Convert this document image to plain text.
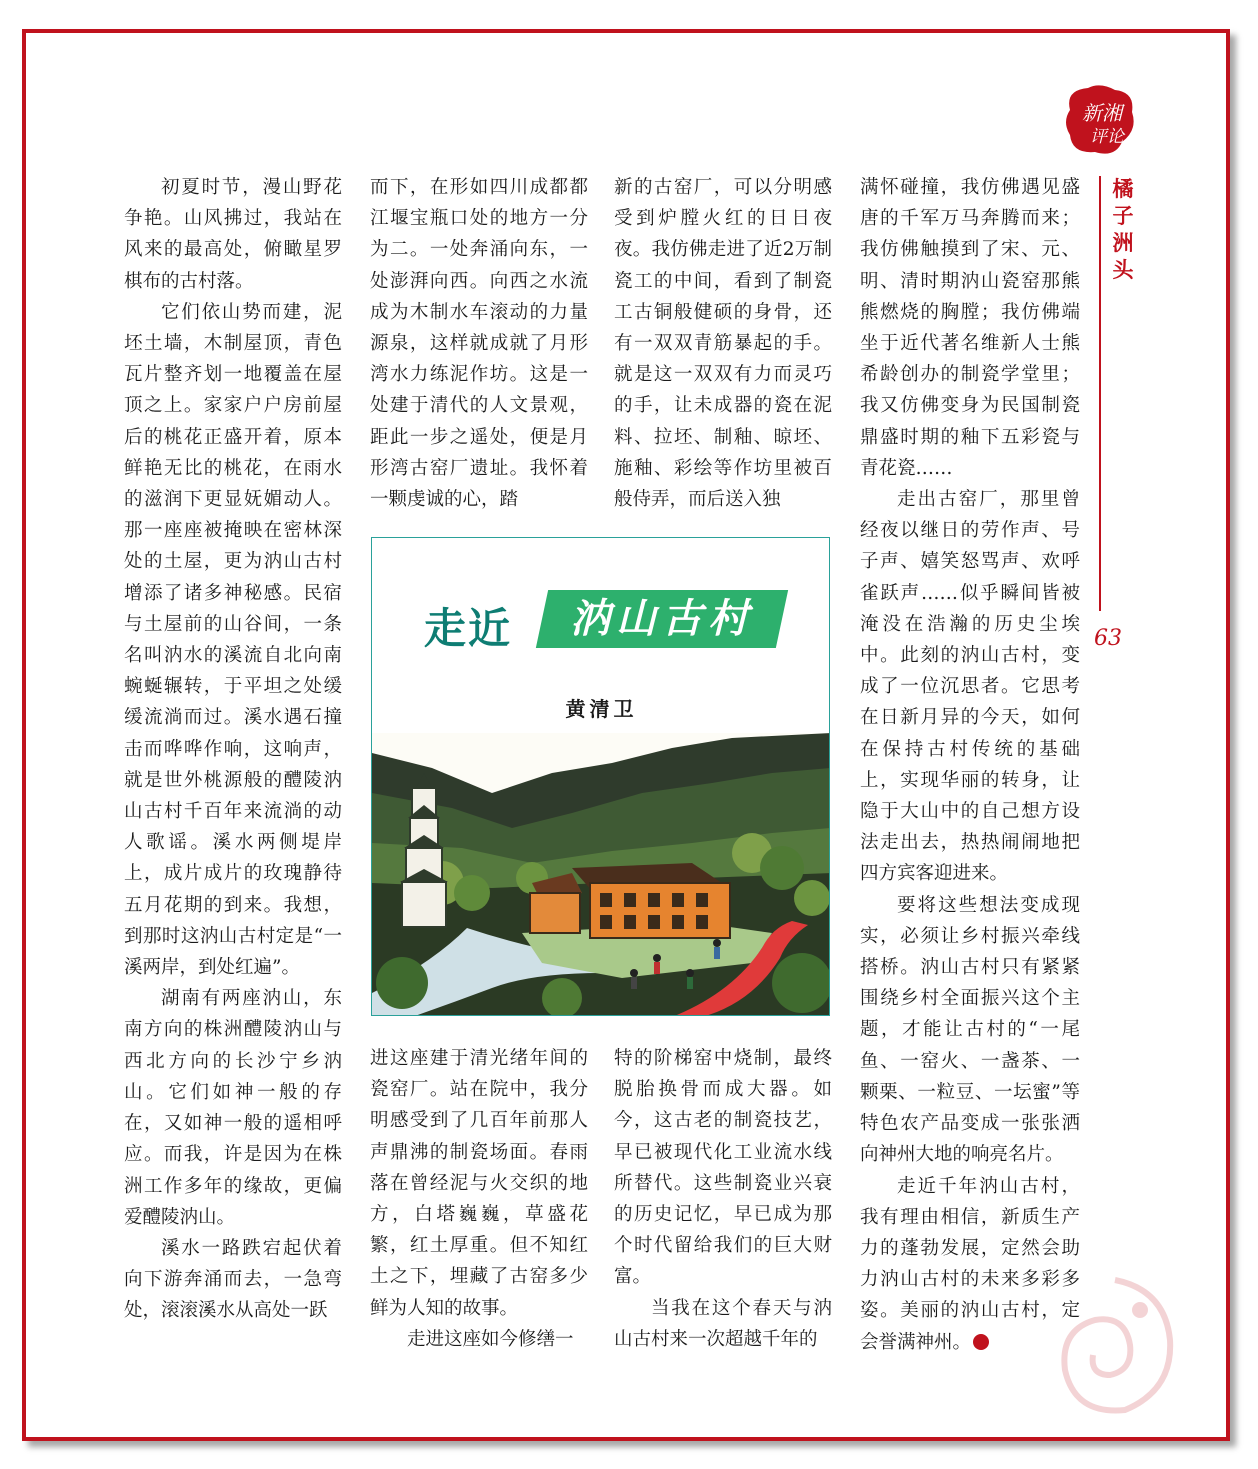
新湘
评论
橘子洲头
63

初夏时节，漫山野花争艳。山风拂过，我站在风来的最高处，俯瞰星罗棋布的古村落。

它们依山势而建，泥坯土墙，木制屋顶，青色瓦片整齐划一地覆盖在屋顶之上。家家户户房前屋后的桃花正盛开着，原本鲜艳无比的桃花，在雨水的滋润下更显妩媚动人。那一座座被掩映在密林深处的土屋，更为汭山古村增添了诸多神秘感。民宿与土屋前的山谷间，一条名叫汭水的溪流自北向南蜿蜒辗转，于平坦之处缓缓流淌而过。溪水遇石撞击而哗哗作响，这响声，就是世外桃源般的醴陵汭山古村千百年来流淌的动人歌谣。溪水两侧堤岸上，成片成片的玫瑰静待五月花期的到来。我想，到那时这汭山古村定是“一溪两岸，到处红遍”。

湖南有两座汭山，东南方向的株洲醴陵汭山与西北方向的长沙宁乡汭山。它们如神一般的存在，又如神一般的遥相呼应。而我，许是因为在株洲工作多年的缘故，更偏爱醴陵汭山。

溪水一路跌宕起伏着向下游奔涌而去，一急弯处，滚滚溪水从高处一跃

而下，在形如四川成都都江堰宝瓶口处的地方一分为二。一处奔涌向东，一处澎湃向西。向西之水流成为木制水车滚动的力量源泉，这样就成就了月形湾水力练泥作坊。这是一处建于清代的人文景观，距此一步之遥处，便是月形湾古窑厂遗址。我怀着一颗虔诚的心，踏

新的古窑厂，可以分明感受到炉膛火红的日日夜夜。我仿佛走进了近2万制瓷工的中间，看到了制瓷工古铜般健硕的身骨，还有一双双青筋暴起的手。就是这一双双有力而灵巧的手，让未成器的瓷在泥料、拉坯、制釉、晾坯、施釉、彩绘等作坊里被百般侍弄，而后送入独

走近	汭山古村
黄清卫

进这座建于清光绪年间的瓷窑厂。站在院中，我分明感受到了几百年前那人声鼎沸的制瓷场面。春雨落在曾经泥与火交织的地方，白塔巍巍，草盛花繁，红土厚重。但不知红土之下，埋藏了古窑多少鲜为人知的故事。

走进这座如今修缮一

特的阶梯窑中烧制，最终脱胎换骨而成大器。如今，这古老的制瓷技艺，早已被现代化工业流水线所替代。这些制瓷业兴衰的历史记忆，早已成为那个时代留给我们的巨大财富。

当我在这个春天与汭山古村来一次超越千年的

满怀碰撞，我仿佛遇见盛唐的千军万马奔腾而来；我仿佛触摸到了宋、元、明、清时期汭山瓷窑那熊熊燃烧的胸膛；我仿佛端坐于近代著名维新人士熊希龄创办的制瓷学堂里；我又仿佛变身为民国制瓷鼎盛时期的釉下五彩瓷与青花瓷……

走出古窑厂，那里曾经夜以继日的劳作声、号子声、嬉笑怒骂声、欢呼雀跃声……似乎瞬间皆被淹没在浩瀚的历史尘埃中。此刻的汭山古村，变成了一位沉思者。它思考在日新月异的今天，如何在保持古村传统的基础上，实现华丽的转身，让隐于大山中的自己想方设法走出去，热热闹闹地把四方宾客迎进来。

要将这些想法变成现实，必须让乡村振兴牵线搭桥。汭山古村只有紧紧围绕乡村全面振兴这个主题，才能让古村的“一尾鱼、一窑火、一盏茶、一颗栗、一粒豆、一坛蜜”等特色农产品变成一张张洒向神州大地的响亮名片。

走近千年汭山古村，我有理由相信，新质生产力的蓬勃发展，定然会助力汭山古村的未来多彩多姿。美丽的汭山古村，定会誉满神州。
